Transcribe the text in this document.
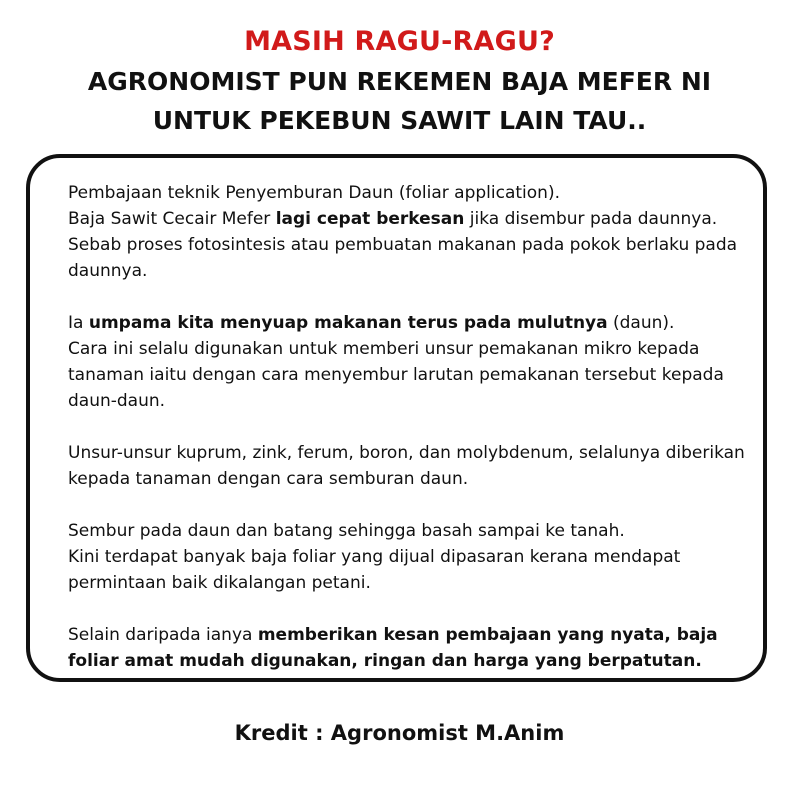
MASIH RAGU-RAGU?
AGRONOMIST PUN REKEMEN BAJA MEFER NI
UNTUK PEKEBUN SAWIT LAIN TAU..

Pembajaan teknik Penyemburan Daun (foliar application).
Baja Sawit Cecair Mefer lagi cepat berkesan jika disembur pada daunnya.
Sebab proses fotosintesis atau pembuatan makanan pada pokok berlaku pada daunnya.

Ia umpama kita menyuap makanan terus pada mulutnya (daun).
Cara ini selalu digunakan untuk memberi unsur pemakanan mikro kepada tanaman iaitu dengan cara menyembur larutan pemakanan tersebut kepada daun-daun.

Unsur-unsur kuprum, zink, ferum, boron, dan molybdenum, selalunya diberikan kepada tanaman dengan cara semburan daun.

Sembur pada daun dan batang sehingga basah sampai ke tanah.
Kini terdapat banyak baja foliar yang dijual dipasaran kerana mendapat permintaan baik dikalangan petani.

Selain daripada ianya memberikan kesan pembajaan yang nyata, baja foliar amat mudah digunakan, ringan dan harga yang berpatutan.

Kredit : Agronomist M.Anim
